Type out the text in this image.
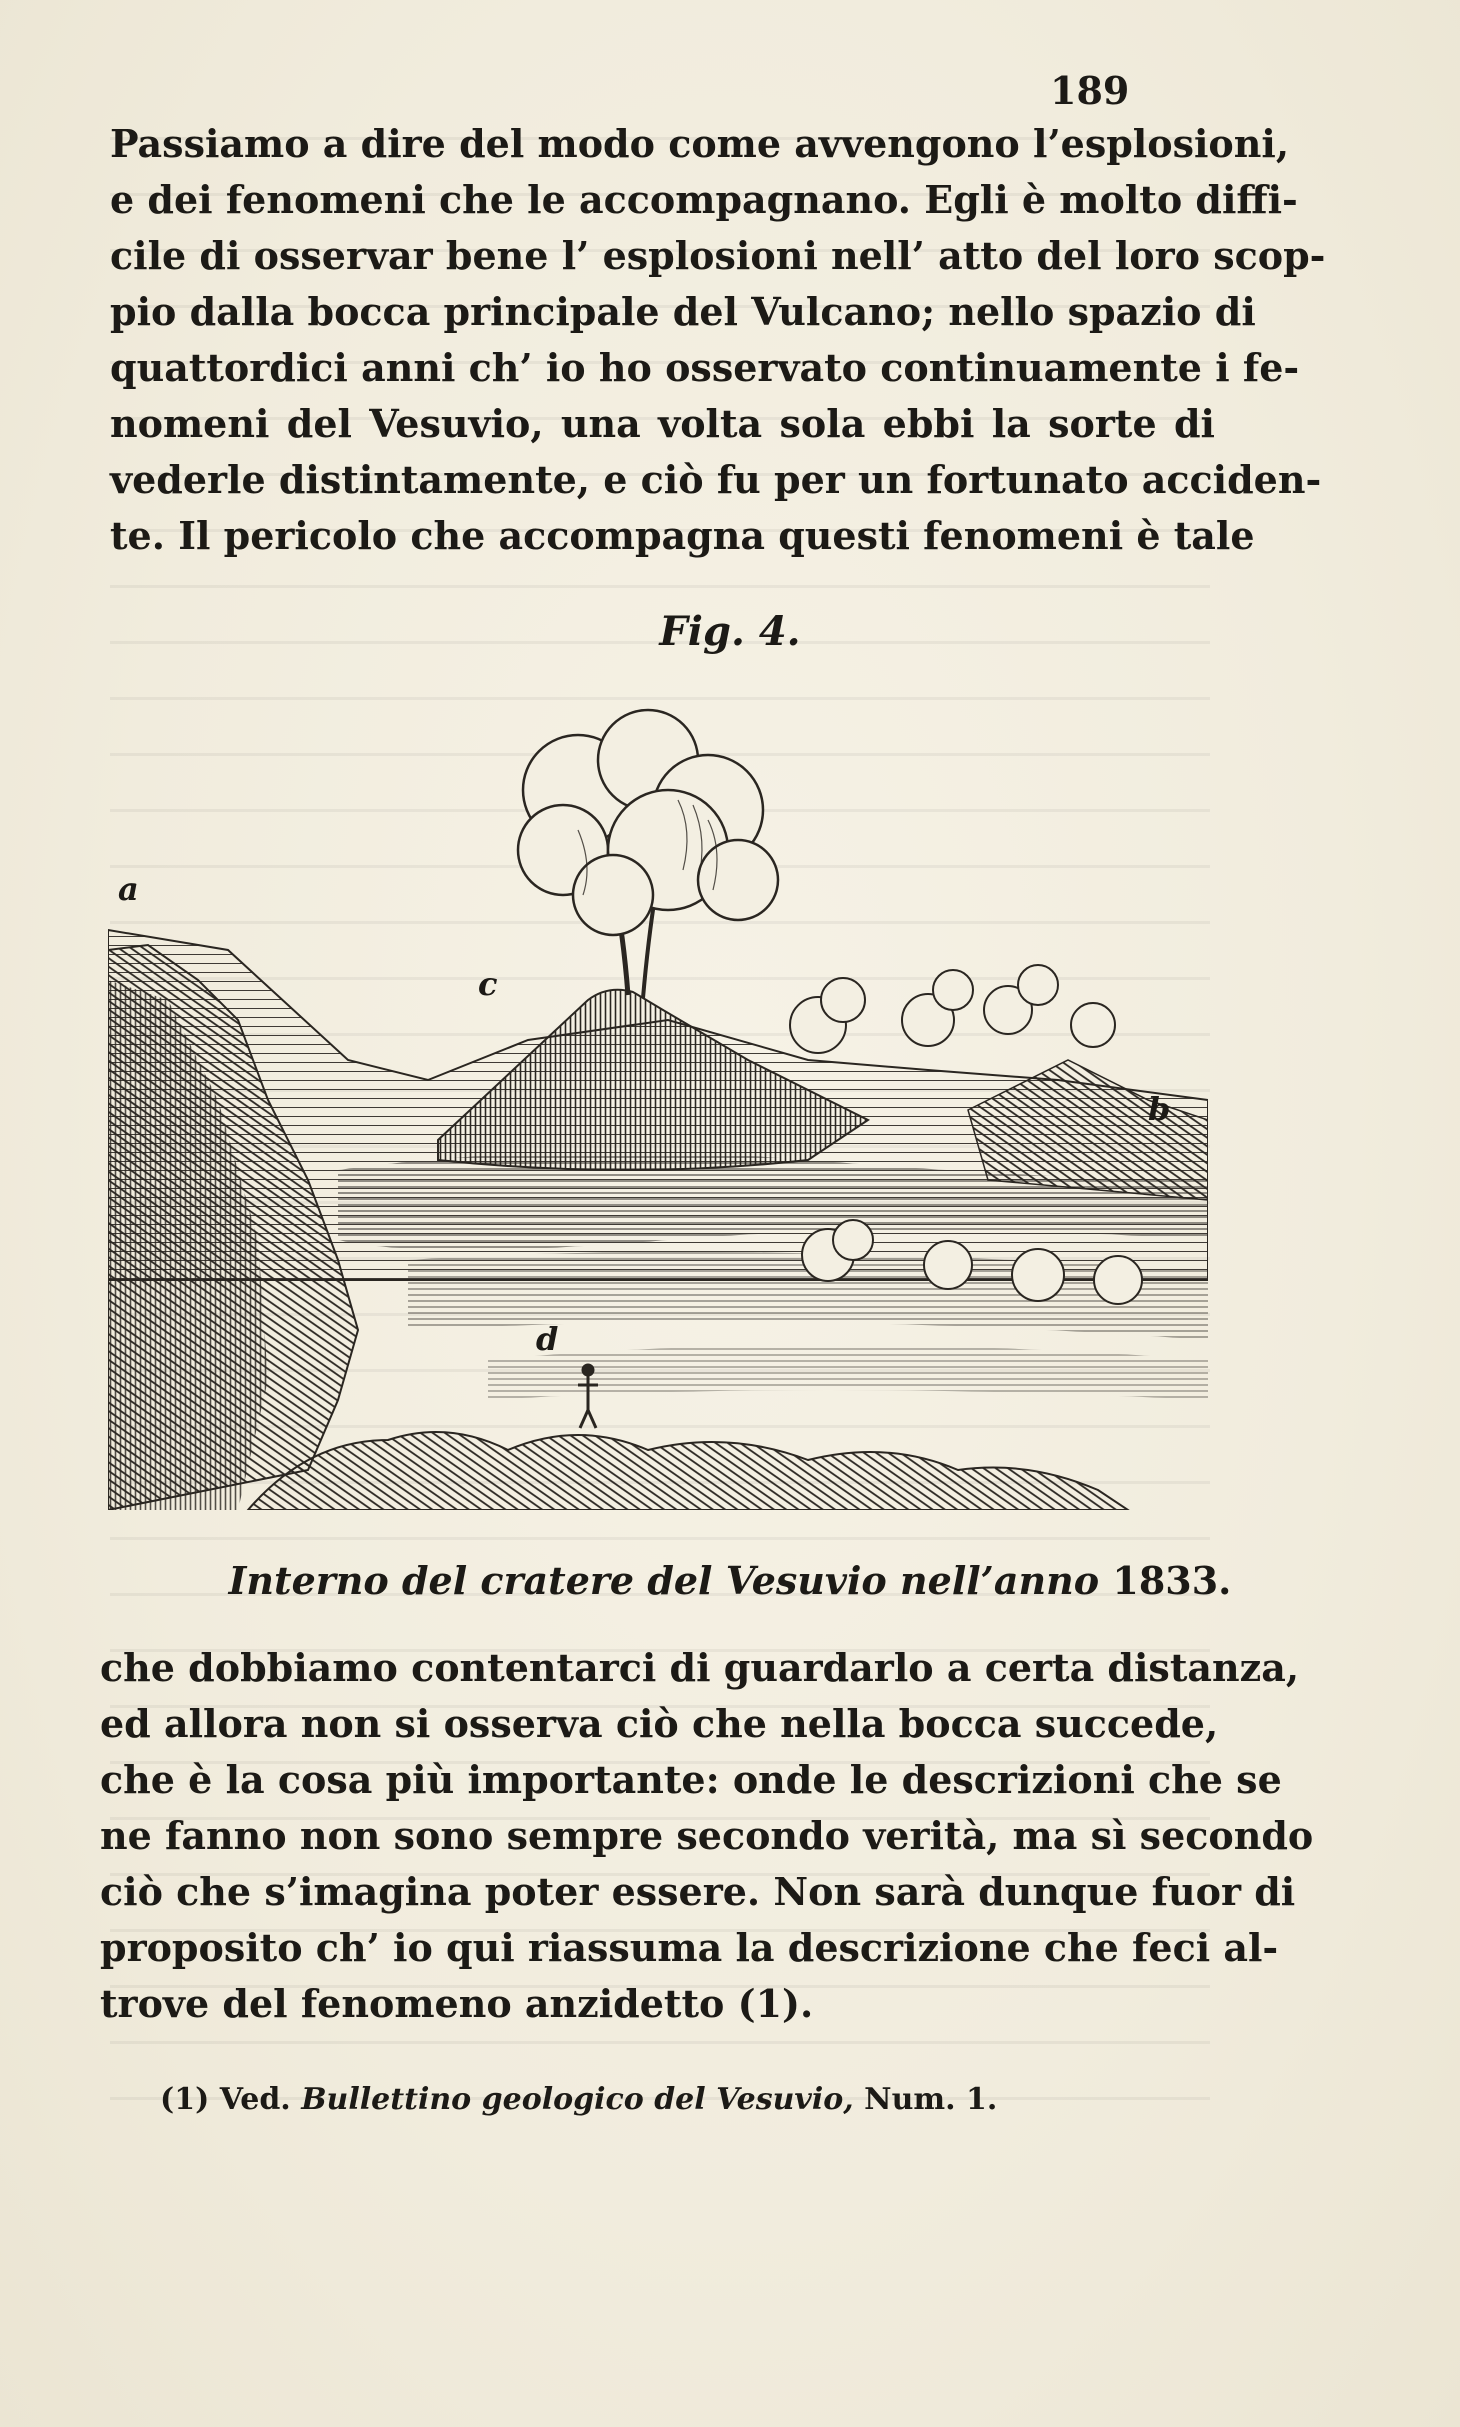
189
Passiamo a dire del modo come avvengono l’esplosioni,
e dei fenomeni che le accompagnano. Egli è molto diffi-
cile di osservar bene l’ esplosioni nell’ atto del loro scop-
pio dalla bocca principale del Vulcano; nello spazio di
quattordici anni ch’ io ho osservato continuamente i fe-
nomeni del Vesuvio, una volta sola ebbi la sorte di
vederle distintamente, e ciò fu per un fortunato acciden-
te. Il pericolo che accompagna questi fenomeni è tale
Fig. 4.
a
c
b
d
Interno del cratere del Vesuvio nell’anno 1833.
che dobbiamo contentarci di guardarlo a certa distanza,
ed allora non si osserva ciò che nella bocca succede,
che è la cosa più importante: onde le descrizioni che se
ne fanno non sono sempre secondo verità, ma sì secondo
ciò che s’imagina poter essere. Non sarà dunque fuor di
proposito ch’ io qui riassuma la descrizione che feci al-
trove del fenomeno anzidetto (1).
(1) Ved. Bullettino geologico del Vesuvio, Num. 1.
